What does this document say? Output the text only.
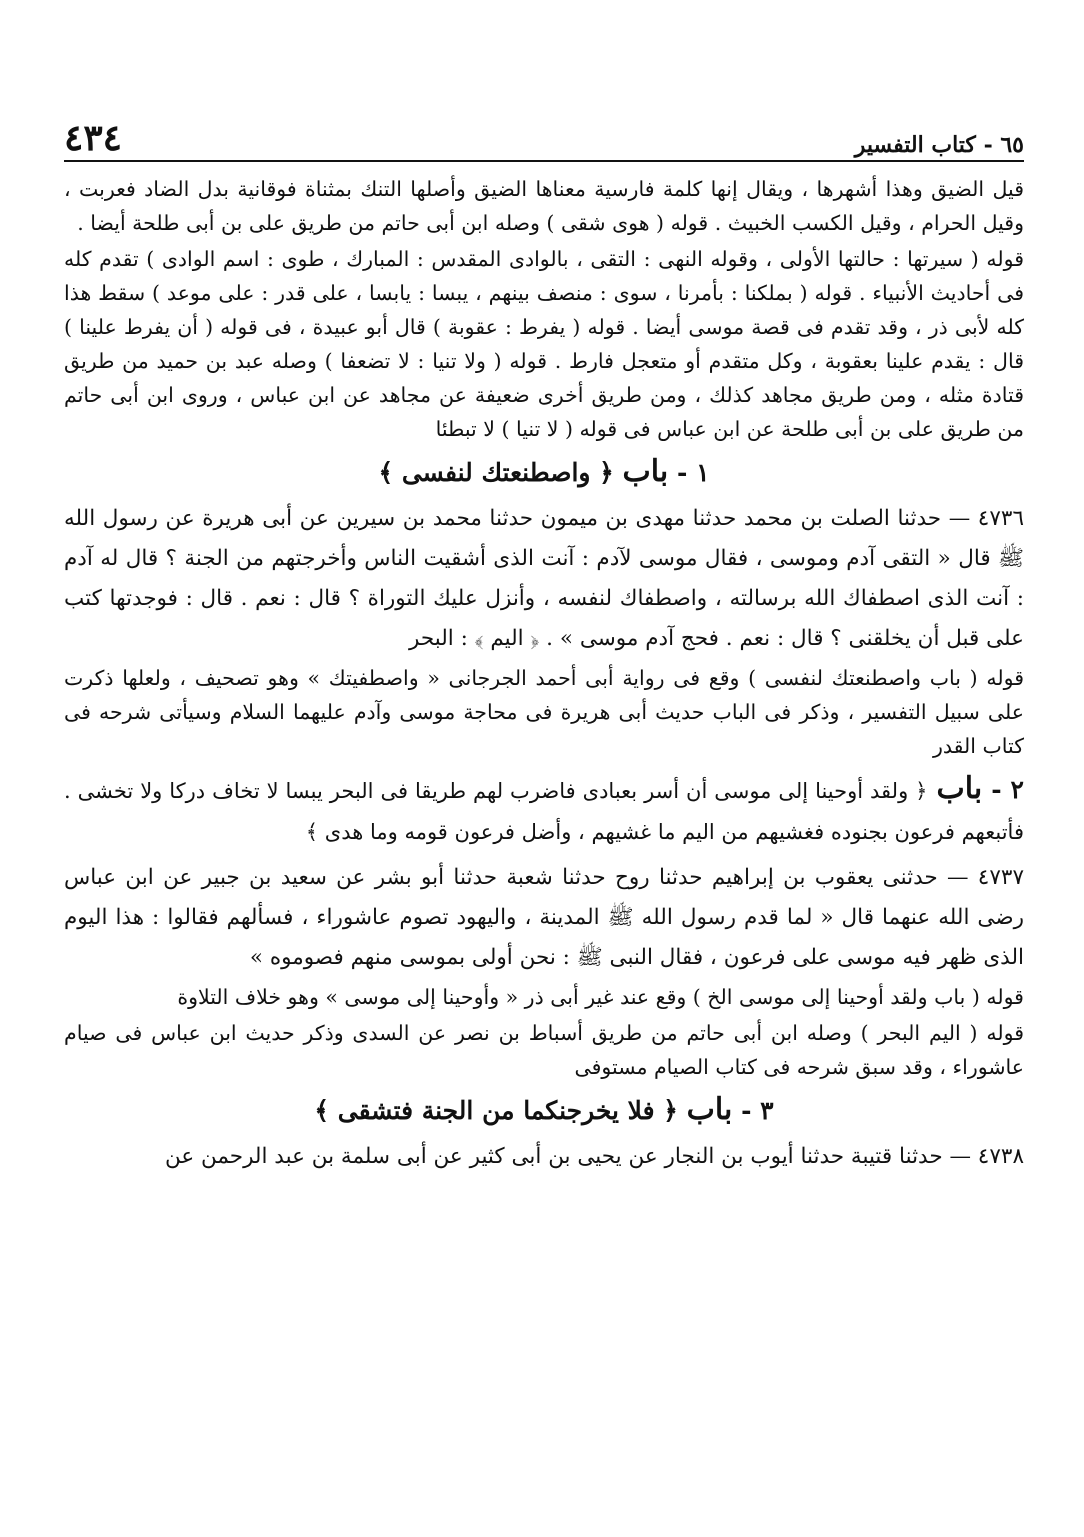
٤٣٤	٦٥ - كتاب التفسير

قيل الضيق وهذا أشهرها ، ويقال إنها كلمة فارسية معناها الضيق وأصلها التنك بمثناة فوقانية بدل الضاد فعربت ، وقيل الحرام ، وقيل الكسب الخبيث . قوله ( هوى شقى ) وصله ابن أبى حاتم من طريق على بن أبى طلحة أيضا .

قوله ( سيرتها : حالتها الأولى ، وقوله النهى : التقى ، بالوادى المقدس : المبارك ، طوى : اسم الوادى ) تقدم كله فى أحاديث الأنبياء . قوله ( بملكنا : بأمرنا ، سوى : منصف بينهم ، يبسا : يابسا ، على قدر : على موعد ) سقط هذا كله لأبى ذر ، وقد تقدم فى قصة موسى أيضا . قوله ( يفرط : عقوبة ) قال أبو عبيدة ، فى قوله ( أن يفرط علينا ) قال : يقدم علينا بعقوبة ، وكل متقدم أو متعجل فارط . قوله ( ولا تنيا : لا تضعفا ) وصله عبد بن حميد من طريق قتادة مثله ، ومن طريق مجاهد كذلك ، ومن طريق أخرى ضعيفة عن مجاهد عن ابن عباس ، وروى ابن أبى حاتم من طريق على بن أبى طلحة عن ابن عباس فى قوله ( لا تنيا ) لا تبطئا

١ - باب ﴿ واصطنعتك لنفسى ﴾

٤٧٣٦ — حدثنا الصلت بن محمد حدثنا مهدى بن ميمون حدثنا محمد بن سيرين عن أبى هريرة عن رسول الله ﷺ قال « التقى آدم وموسى ، فقال موسى لآدم : آنت الذى أشقيت الناس وأخرجتهم من الجنة ؟ قال له آدم : آنت الذى اصطفاك الله برسالته ، واصطفاك لنفسه ، وأنزل عليك التوراة ؟ قال : نعم . قال : فوجدتها كتب على قبل أن يخلقنى ؟ قال : نعم . فحج آدم موسى » . ﴿ اليم ﴾ : البحر

قوله ( باب واصطنعتك لنفسى ) وقع فى رواية أبى أحمد الجرجانى « واصطفيتك » وهو تصحيف ، ولعلها ذكرت على سبيل التفسير ، وذكر فى الباب حديث أبى هريرة فى محاجة موسى وآدم عليهما السلام وسيأتى شرحه فى كتاب القدر

٢ - باب ﴿ ولقد أوحينا إلى موسى أن أسر بعبادى فاضرب لهم طريقا فى البحر يبسا لا تخاف دركا ولا تخشى . فأتبعهم فرعون بجنوده فغشيهم من اليم ما غشيهم ، وأضل فرعون قومه وما هدى ﴾

٤٧٣٧ — حدثنى يعقوب بن إبراهيم حدثنا روح حدثنا شعبة حدثنا أبو بشر عن سعيد بن جبير عن ابن عباس رضى الله عنهما قال « لما قدم رسول الله ﷺ المدينة ، واليهود تصوم عاشوراء ، فسألهم فقالوا : هذا اليوم الذى ظهر فيه موسى على فرعون ، فقال النبى ﷺ : نحن أولى بموسى منهم فصوموه »

قوله ( باب ولقد أوحينا إلى موسى الخ ) وقع عند غير أبى ذر « وأوحينا إلى موسى » وهو خلاف التلاوة

قوله ( اليم البحر ) وصله ابن أبى حاتم من طريق أسباط بن نصر عن السدى وذكر حديث ابن عباس فى صيام عاشوراء ، وقد سبق شرحه فى كتاب الصيام مستوفى

٣ - باب ﴿ فلا يخرجنكما من الجنة فتشقى ﴾

٤٧٣٨ — حدثنا قتيبة حدثنا أيوب بن النجار عن يحيى بن أبى كثير عن أبى سلمة بن عبد الرحمن عن
